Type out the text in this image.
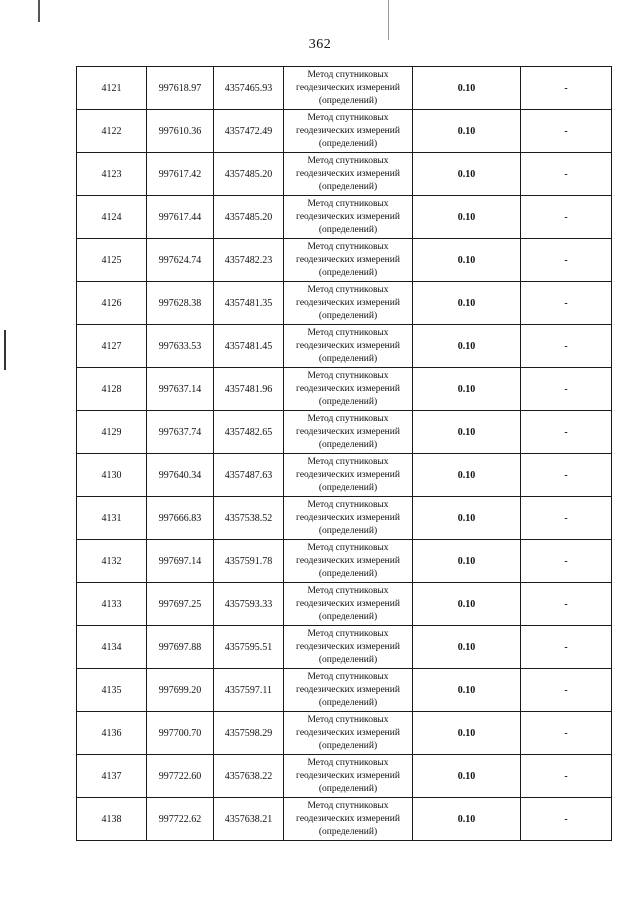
362
4121	997618.97	4357465.93	Метод спутниковых
геодезических измерений
(определений)	0.10	-
4122	997610.36	4357472.49	Метод спутниковых
геодезических измерений
(определений)	0.10	-
4123	997617.42	4357485.20	Метод спутниковых
геодезических измерений
(определений)	0.10	-
4124	997617.44	4357485.20	Метод спутниковых
геодезических измерений
(определений)	0.10	-
4125	997624.74	4357482.23	Метод спутниковых
геодезических измерений
(определений)	0.10	-
4126	997628.38	4357481.35	Метод спутниковых
геодезических измерений
(определений)	0.10	-
4127	997633.53	4357481.45	Метод спутниковых
геодезических измерений
(определений)	0.10	-
4128	997637.14	4357481.96	Метод спутниковых
геодезических измерений
(определений)	0.10	-
4129	997637.74	4357482.65	Метод спутниковых
геодезических измерений
(определений)	0.10	-
4130	997640.34	4357487.63	Метод спутниковых
геодезических измерений
(определений)	0.10	-
4131	997666.83	4357538.52	Метод спутниковых
геодезических измерений
(определений)	0.10	-
4132	997697.14	4357591.78	Метод спутниковых
геодезических измерений
(определений)	0.10	-
4133	997697.25	4357593.33	Метод спутниковых
геодезических измерений
(определений)	0.10	-
4134	997697.88	4357595.51	Метод спутниковых
геодезических измерений
(определений)	0.10	-
4135	997699.20	4357597.11	Метод спутниковых
геодезических измерений
(определений)	0.10	-
4136	997700.70	4357598.29	Метод спутниковых
геодезических измерений
(определений)	0.10	-
4137	997722.60	4357638.22	Метод спутниковых
геодезических измерений
(определений)	0.10	-
4138	997722.62	4357638.21	Метод спутниковых
геодезических измерений
(определений)	0.10	-
